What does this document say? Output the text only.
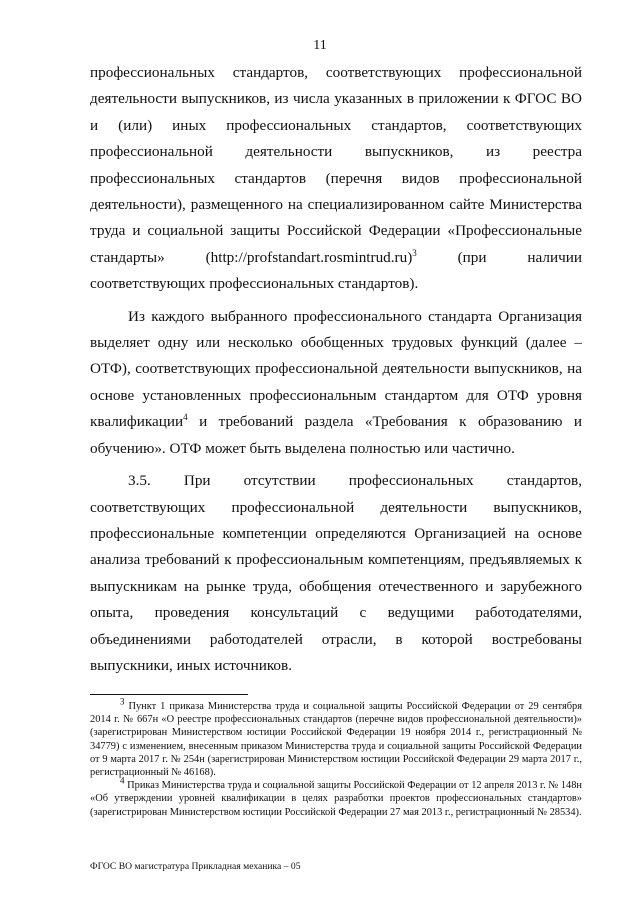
11

профессиональных стандартов, соответствующих профессиональной деятельности выпускников, из числа указанных в приложении к ФГОС ВО и (или) иных профессиональных стандартов, соответствующих профессиональной деятельности выпускников, из реестра профессиональных стандартов (перечня видов профессиональной деятельности), размещенного на специализированном сайте Министерства труда и социальной защиты Российской Федерации «Профессиональные стандарты» (http://profstandart.rosmintrud.ru)$^3$ (при наличии соответствующих профессиональных стандартов).

Из каждого выбранного профессионального стандарта Организация выделяет одну или несколько обобщенных трудовых функций (далее – ОТФ), соответствующих профессиональной деятельности выпускников, на основе установленных профессиональным стандартом для ОТФ уровня квалификации$^4$ и требований раздела «Требования к образованию и обучению». ОТФ может быть выделена полностью или частично.

3.5. При отсутствии профессиональных стандартов, соответствующих профессиональной деятельности выпускников, профессиональные компетенции определяются Организацией на основе анализа требований к профессиональным компетенциям, предъявляемых к выпускникам на рынке труда, обобщения отечественного и зарубежного опыта, проведения консультаций с ведущими работодателями, объединениями работодателей отрасли, в которой востребованы выпускники, иных источников.

$^3$ Пункт 1 приказа Министерства труда и социальной защиты Российской Федерации от 29 сентября 2014 г. № 667н «О реестре профессиональных стандартов (перечне видов профессиональной деятельности)» (зарегистрирован Министерством юстиции Российской Федерации 19 ноября 2014 г., регистрационный № 34779) с изменением, внесенным приказом Министерства труда и социальной защиты Российской Федерации от 9 марта 2017 г. № 254н (зарегистрирован Министерством юстиции Российской Федерации 29 марта 2017 г., регистрационный № 46168).

$^4$ Приказ Министерства труда и социальной защиты Российской Федерации от 12 апреля 2013 г. № 148н «Об утверждении уровней квалификации в целях разработки проектов профессиональных стандартов» (зарегистрирован Министерством юстиции Российской Федерации 27 мая 2013 г., регистрационный № 28534).

ФГОС ВО магистратура Прикладная механика – 05
